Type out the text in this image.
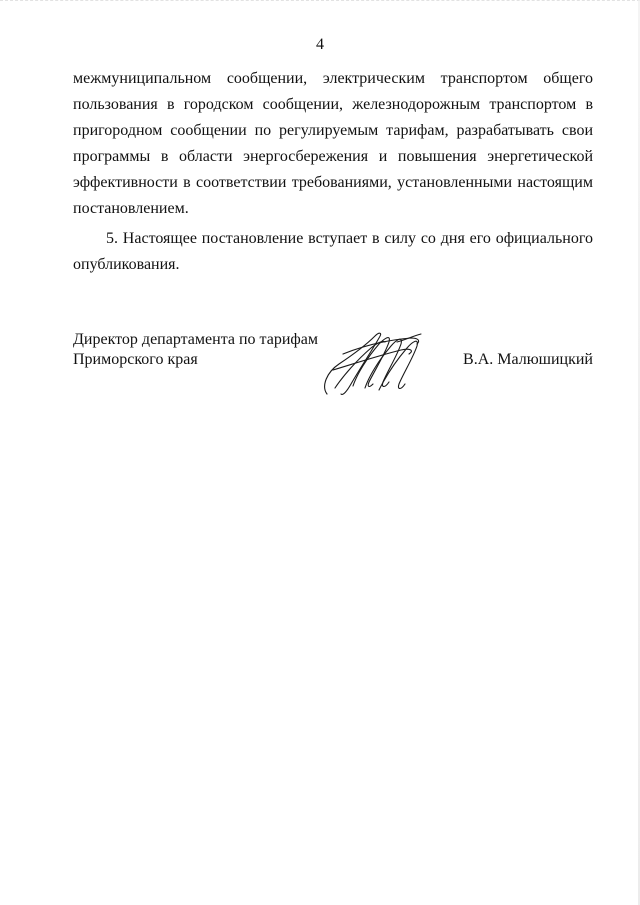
4
межмуниципальном сообщении, электрическим транспортом общего
пользования в городском сообщении, железнодорожным транспортом в
пригородном сообщении по регулируемым тарифам, разрабатывать свои
программы в области энергосбережения и повышения энергетической
эффективности в соответствии требованиями, установленными настоящим
постановлением.
5. Настоящее постановление вступает в силу со дня его официального
опубликования.
Директор департамента по тарифам
Приморского края	В.А. Малюшицкий
